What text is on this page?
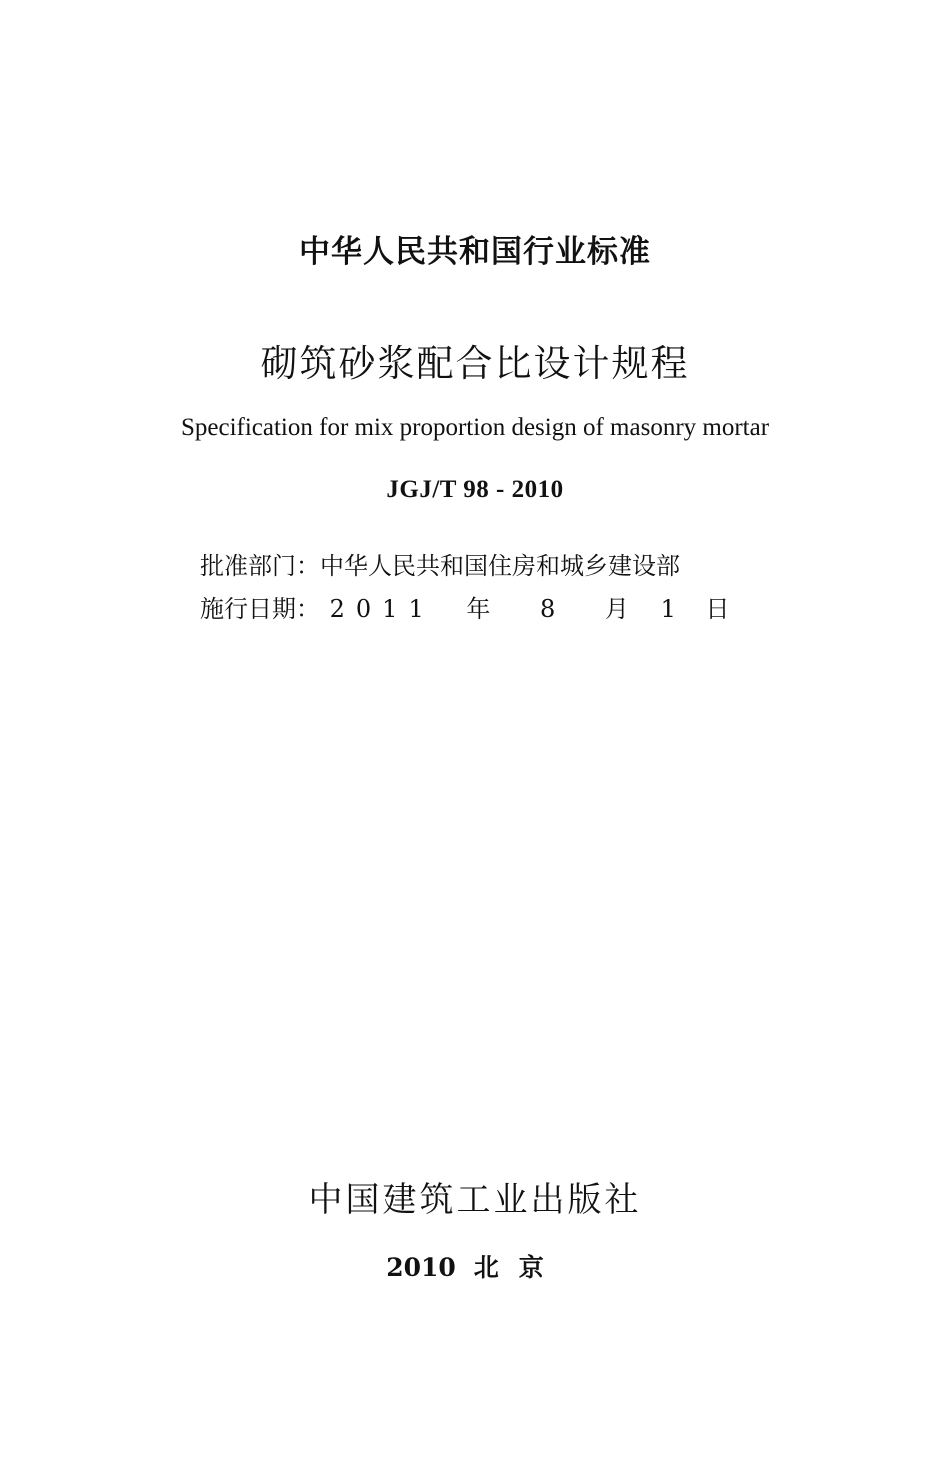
中华人民共和国行业标准
砌筑砂浆配合比设计规程
Specification for mix proportion design of masonry mortar
JGJ/T 98 - 2010
批准部门：中华人民共和国住房和城乡建设部
施行日期： 2011 年 8 月 1 日
中国建筑工业出版社
2010 北京
